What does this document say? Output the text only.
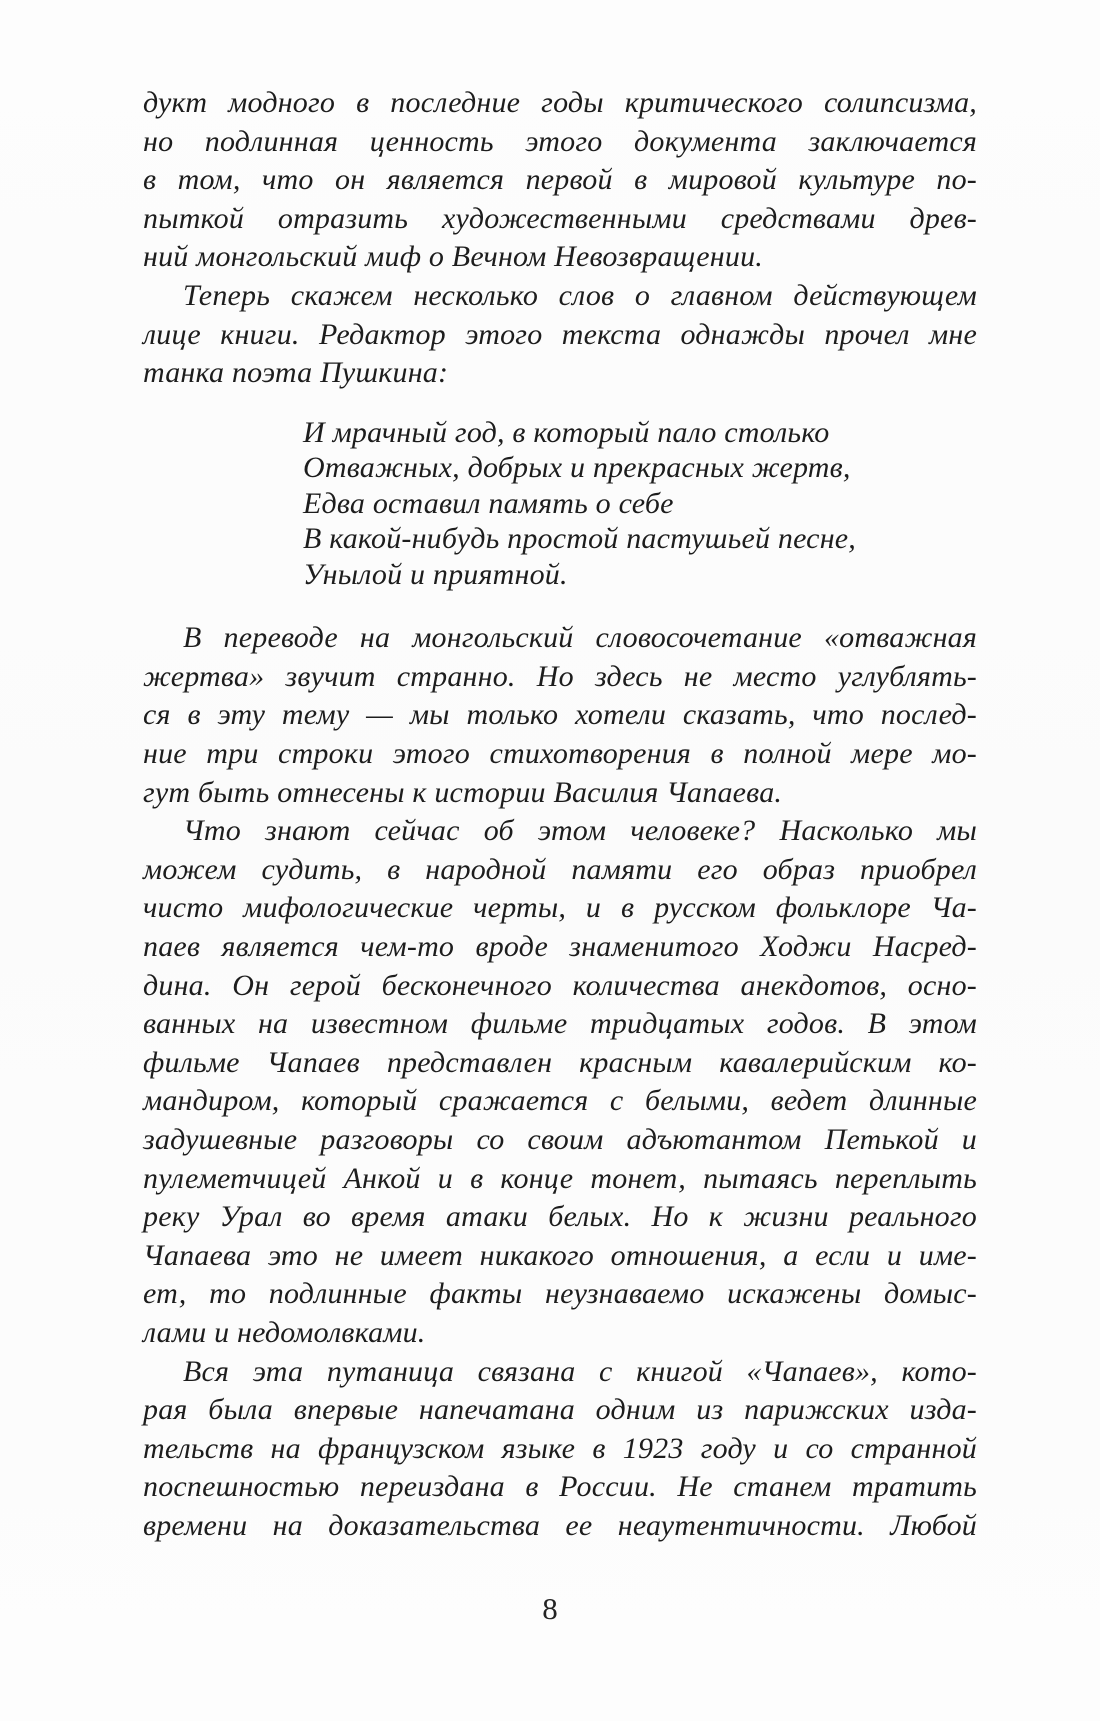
дукт модного в последние годы критического солипсизма,
но подлинная ценность этого документа заключается
в том, что он является первой в мировой культуре по-
пыткой отразить художественными средствами древ-
ний монгольский миф о Вечном Невозвращении.
Теперь скажем несколько слов о главном действующем
лице книги. Редактор этого текста однажды прочел мне
танка поэта Пушкина:
И мрачный год, в который пало столько
Отважных, добрых и прекрасных жертв,
Едва оставил память о себе
В какой-нибудь простой пастушьей песне,
Унылой и приятной.
В переводе на монгольский словосочетание «отважная
жертва» звучит странно. Но здесь не место углублять-
ся в эту тему — мы только хотели сказать, что послед-
ние три строки этого стихотворения в полной мере мо-
гут быть отнесены к истории Василия Чапаева.
Что знают сейчас об этом человеке? Насколько мы
можем судить, в народной памяти его образ приобрел
чисто мифологические черты, и в русском фольклоре Ча-
паев является чем-то вроде знаменитого Ходжи Насред-
дина. Он герой бесконечного количества анекдотов, осно-
ванных на известном фильме тридцатых годов. В этом
фильме Чапаев представлен красным кавалерийским ко-
мандиром, который сражается с белыми, ведет длинные
задушевные разговоры со своим адъютантом Петькой и
пулеметчицей Анкой и в конце тонет, пытаясь переплыть
реку Урал во время атаки белых. Но к жизни реального
Чапаева это не имеет никакого отношения, а если и име-
ет, то подлинные факты неузнаваемо искажены домыс-
лами и недомолвками.
Вся эта путаница связана с книгой «Чапаев», кото-
рая была впервые напечатана одним из парижских изда-
тельств на французском языке в 1923 году и со странной
поспешностью переиздана в России. Не станем тратить
времени на доказательства ее неаутентичности. Любой
8
